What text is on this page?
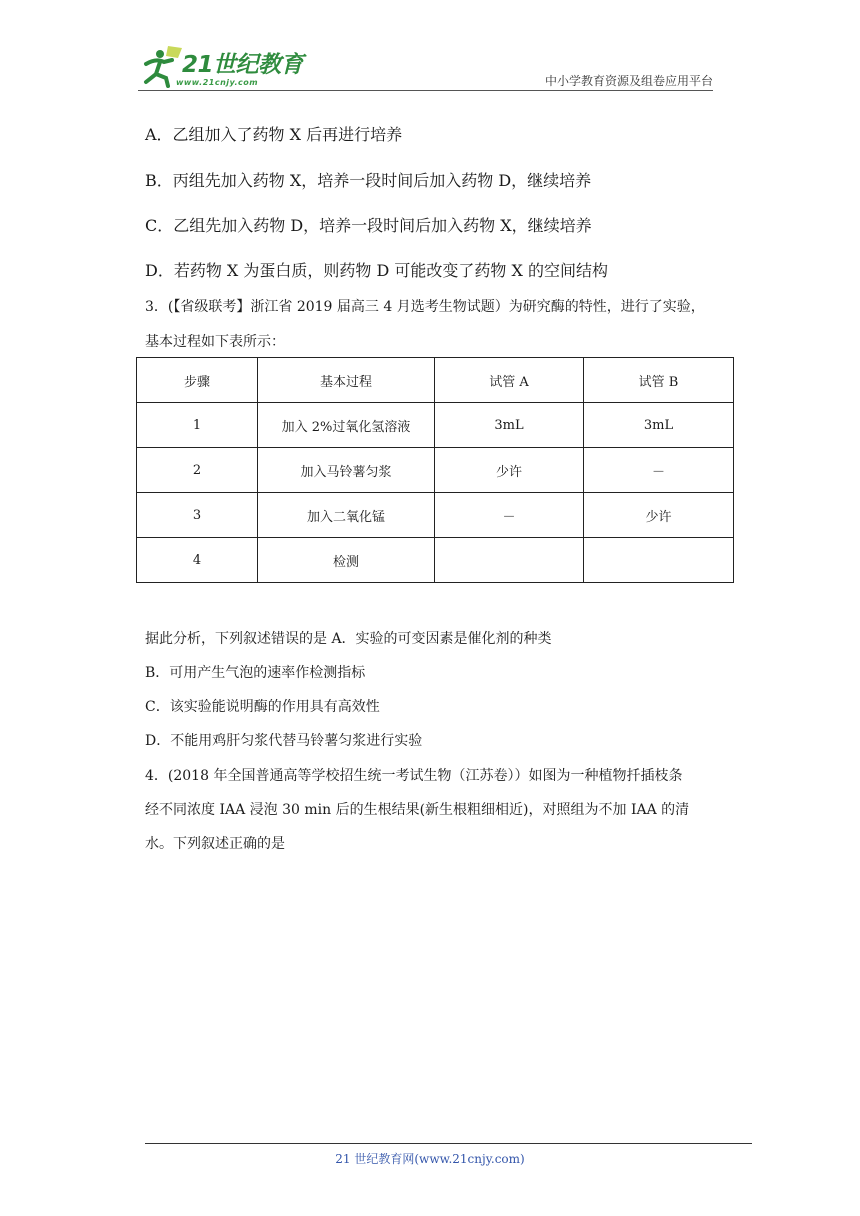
21世纪教育
www.21cnjy.com	中小学教育资源及组卷应用平台
A．乙组加入了药物 X 后再进行培养
B．丙组先加入药物 X，培养一段时间后加入药物 D，继续培养
C．乙组先加入药物 D，培养一段时间后加入药物 X，继续培养
D．若药物 X 为蛋白质，则药物 D 可能改变了药物 X 的空间结构
3．(【省级联考】浙江省 2019 届高三 4 月选考生物试题）为研究酶的特性，进行了实验，
基本过程如下表所示：
步骤	基本过程	试管 A	试管 B
1	加入 2%过氧化氢溶液	3mL	3mL
2	加入马铃薯匀浆	少许	－
3	加入二氧化锰	－	少许
4	检测		
据此分析，下列叙述错误的是 A．实验的可变因素是催化剂的种类
B．可用产生气泡的速率作检测指标
C．该实验能说明酶的作用具有高效性
D．不能用鸡肝匀浆代替马铃薯匀浆进行实验
4．(2018 年全国普通高等学校招生统一考试生物（江苏卷））如图为一种植物扦插枝条
经不同浓度 IAA 浸泡 30 min 后的生根结果(新生根粗细相近)，对照组为不加 IAA 的清
水。下列叙述正确的是
21 世纪教育网(www.21cnjy.com)
